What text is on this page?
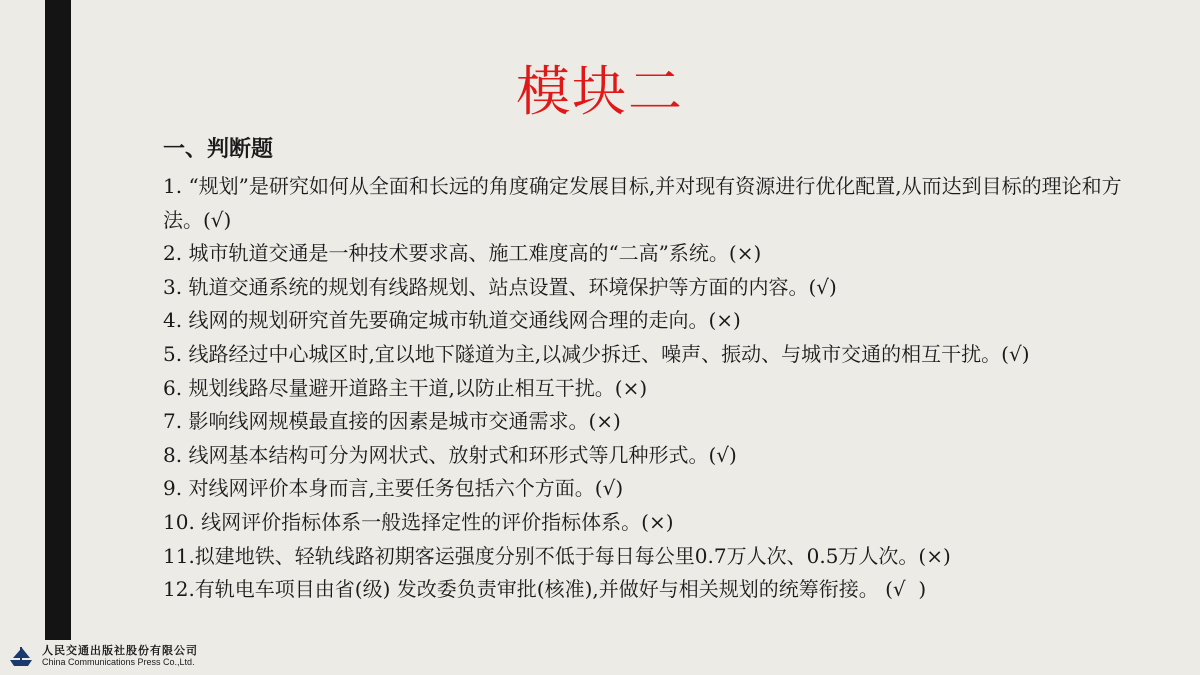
模块二
一、判断题
1. “规划”是研究如何从全面和长远的角度确定发展目标,并对现有资源进行优化配置,从而达到目标的理论和方法。(√)
2. 城市轨道交通是一种技术要求高、施工难度高的“二高”系统。(×)
3. 轨道交通系统的规划有线路规划、站点设置、环境保护等方面的内容。(√)
4. 线网的规划研究首先要确定城市轨道交通线网合理的走向。(×)
5. 线路经过中心城区时,宜以地下隧道为主,以减少拆迁、噪声、振动、与城市交通的相互干扰。(√)
6. 规划线路尽量避开道路主干道,以防止相互干扰。(×)
7. 影响线网规模最直接的因素是城市交通需求。(×)
8. 线网基本结构可分为网状式、放射式和环形式等几种形式。(√)
9. 对线网评价本身而言,主要任务包括六个方面。(√)
10. 线网评价指标体系一般选择定性的评价指标体系。(×)
11.拟建地铁、轻轨线路初期客运强度分别不低于每日每公里0.7万人次、0.5万人次。(×)
12.有轨电车项目由省(级) 发改委负责审批(核准),并做好与相关规划的统筹衔接。 (√  )
人民交通出版社股份有限公司
China Communications Press Co.,Ltd.
